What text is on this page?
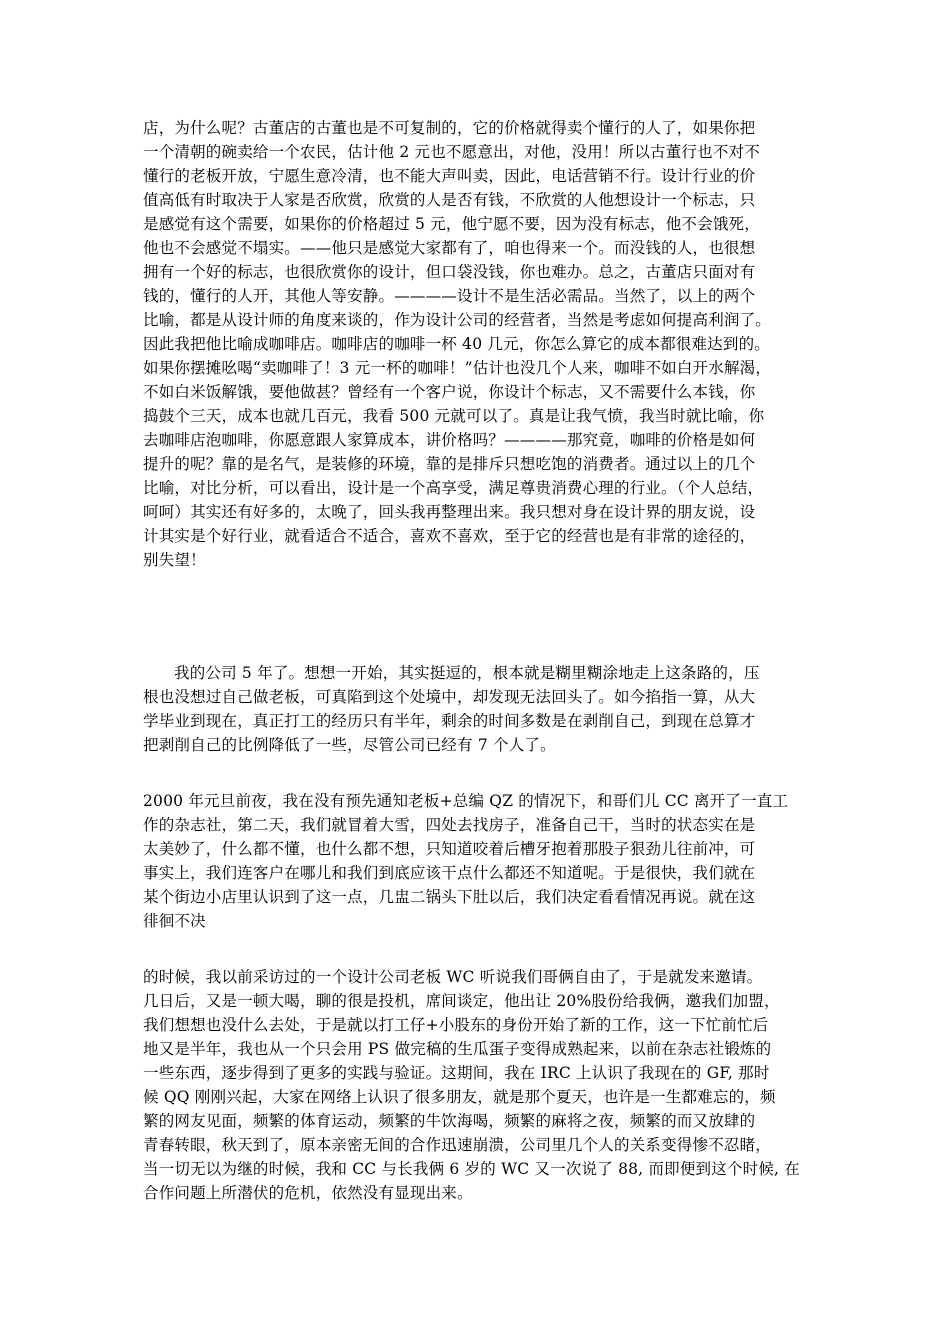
店，为什么呢？古董店的古董也是不可复制的，它的价格就得卖个懂行的人了，如果你把
一个清朝的碗卖给一个农民，估计他 2 元也不愿意出，对他，没用！所以古董行也不对不
懂行的老板开放，宁愿生意冷清，也不能大声叫卖，因此，电话营销不行。设计行业的价
值高低有时取决于人家是否欣赏，欣赏的人是否有钱，不欣赏的人他想设计一个标志，只
是感觉有这个需要，如果你的价格超过 5 元，他宁愿不要，因为没有标志，他不会饿死，
他也不会感觉不塌实。——他只是感觉大家都有了，咱也得来一个。而没钱的人，也很想
拥有一个好的标志，也很欣赏你的设计，但口袋没钱，你也难办。总之，古董店只面对有
钱的，懂行的人开，其他人等安静。————设计不是生活必需品。当然了，以上的两个
比喻，都是从设计师的角度来谈的，作为设计公司的经营者，当然是考虑如何提高利润了。
因此我把他比喻成咖啡店。咖啡店的咖啡一杯 40 几元，你怎么算它的成本都很难达到的。
如果你摆摊吆喝“卖咖啡了！3 元一杯的咖啡！”估计也没几个人来，咖啡不如白开水解渴，
不如白米饭解饿，要他做甚？曾经有一个客户说，你设计个标志，又不需要什么本钱，你
捣鼓个三天，成本也就几百元，我看 500 元就可以了。真是让我气愤，我当时就比喻，你
去咖啡店泡咖啡，你愿意跟人家算成本，讲价格吗？————那究竟，咖啡的价格是如何
提升的呢？靠的是名气，是装修的环境，靠的是排斥只想吃饱的消费者。通过以上的几个
比喻，对比分析，可以看出，设计是一个高享受，满足尊贵消费心理的行业。（个人总结，
呵呵）其实还有好多的，太晚了，回头我再整理出来。我只想对身在设计界的朋友说，设
计其实是个好行业，就看适合不适合，喜欢不喜欢，至于它的经营也是有非常的途径的，
别失望！
我的公司 5 年了。想想一开始，其实挺逗的，根本就是糊里糊涂地走上这条路的，压
根也没想过自己做老板，可真陷到这个处境中，却发现无法回头了。如今掐指一算，从大
学毕业到现在，真正打工的经历只有半年，剩余的时间多数是在剥削自己，到现在总算才
把剥削自己的比例降低了一些，尽管公司已经有 7 个人了。
2000 年元旦前夜，我在没有预先通知老板+总编 QZ 的情况下，和哥们儿 CC 离开了一直工
作的杂志社，第二天，我们就冒着大雪，四处去找房子，准备自己干，当时的状态实在是
太美妙了，什么都不懂，也什么都不想，只知道咬着后槽牙抱着那股子狠劲儿往前冲，可
事实上，我们连客户在哪儿和我们到底应该干点什么都还不知道呢。于是很快，我们就在
某个街边小店里认识到了这一点，几盅二锅头下肚以后，我们决定看看情况再说。就在这
徘徊不决
的时候，我以前采访过的一个设计公司老板 WC 听说我们哥俩自由了，于是就发来邀请。
几日后，又是一顿大喝，聊的很是投机，席间谈定，他出让 20%股份给我俩，邀我们加盟，
我们想想也没什么去处，于是就以打工仔+小股东的身份开始了新的工作，这一下忙前忙后
地又是半年，我也从一个只会用 PS 做完稿的生瓜蛋子变得成熟起来，以前在杂志社锻炼的
一些东西，逐步得到了更多的实践与验证。这期间，我在 IRC 上认识了我现在的 GF, 那时
候 QQ 刚刚兴起，大家在网络上认识了很多朋友，就是那个夏天，也许是一生都难忘的，频
繁的网友见面，频繁的体育运动，频繁的牛饮海喝，频繁的麻将之夜，频繁的而又放肆的
青春转眼，秋天到了，原本亲密无间的合作迅速崩溃，公司里几个人的关系变得惨不忍睹，
当一切无以为继的时候，我和 CC 与长我俩 6 岁的 WC 又一次说了 88, 而即便到这个时候, 在
合作问题上所潜伏的危机，依然没有显现出来。
